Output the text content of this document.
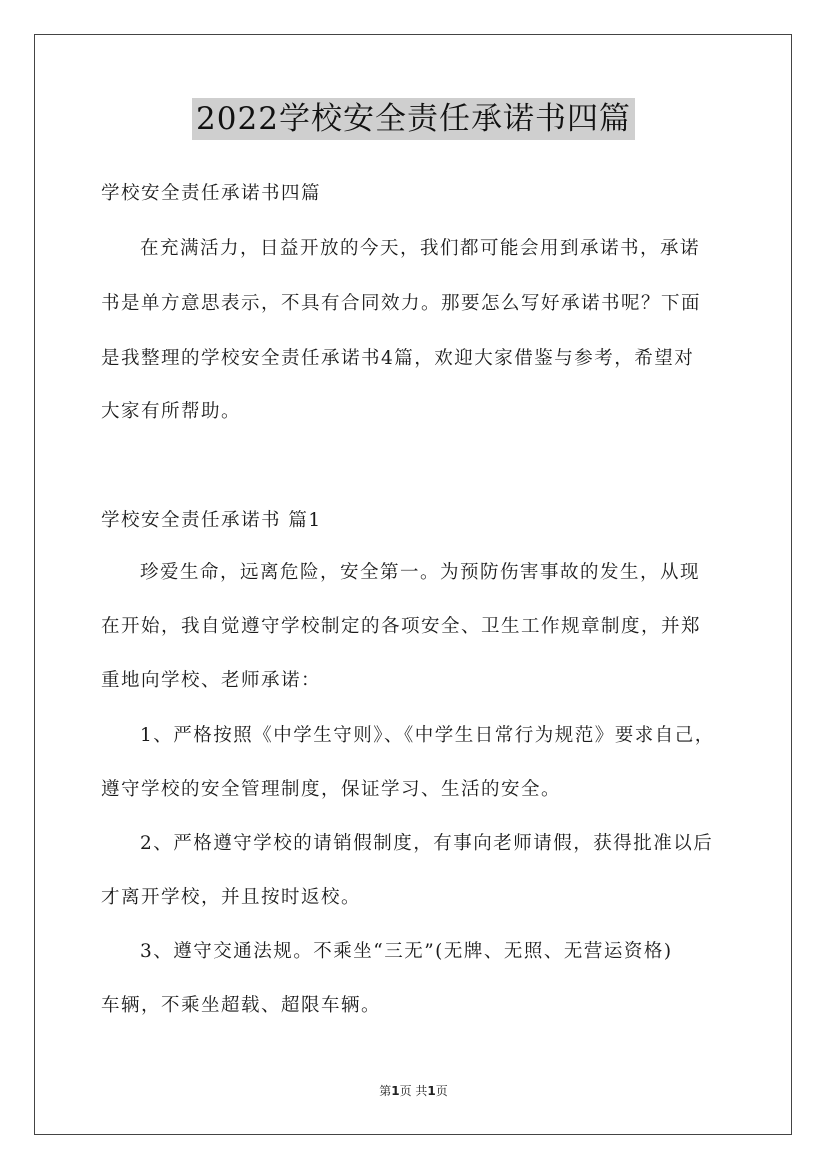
2022学校安全责任承诺书四篇
学校安全责任承诺书四篇
在充满活力，日益开放的今天，我们都可能会用到承诺书，承诺
书是单方意思表示，不具有合同效力。那要怎么写好承诺书呢？下面
是我整理的学校安全责任承诺书4篇，欢迎大家借鉴与参考，希望对
大家有所帮助。
学校安全责任承诺书 篇1
珍爱生命，远离危险，安全第一。为预防伤害事故的发生，从现
在开始，我自觉遵守学校制定的各项安全、卫生工作规章制度，并郑
重地向学校、老师承诺：
1、严格按照《中学生守则》、《中学生日常行为规范》要求自己，
遵守学校的安全管理制度，保证学习、生活的安全。
2、严格遵守学校的请销假制度，有事向老师请假，获得批准以后
才离开学校，并且按时返校。
3、遵守交通法规。不乘坐“三无”(无牌、无照、无营运资格)
车辆，不乘坐超载、超限车辆。
第1页 共1页
